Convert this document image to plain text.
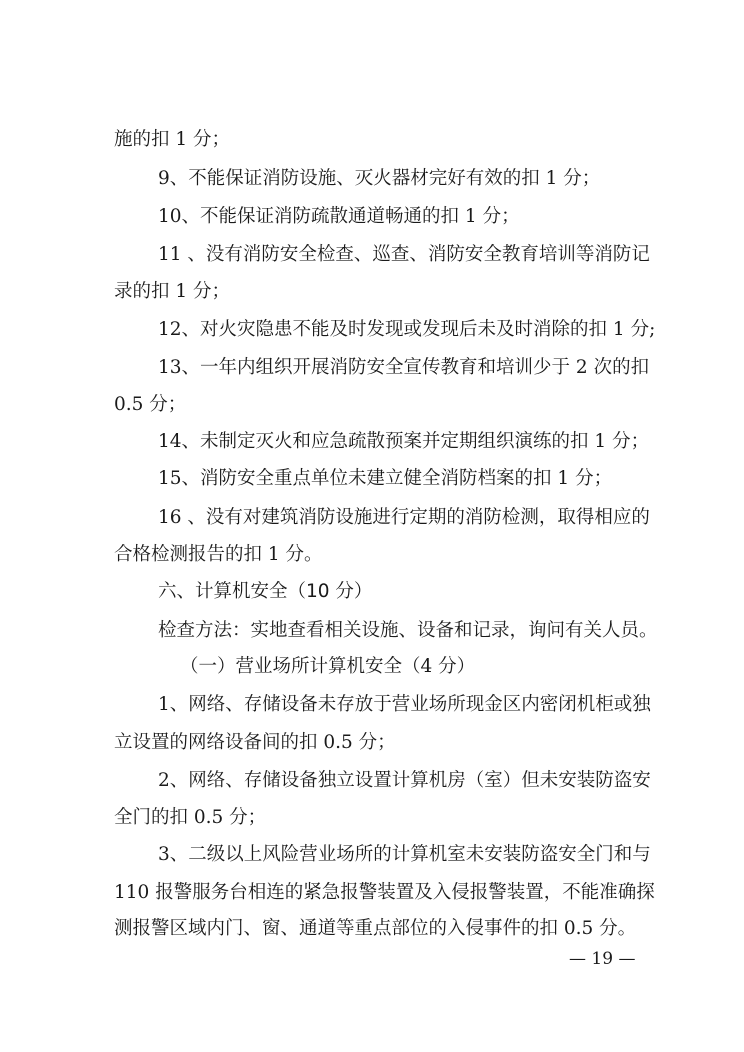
施的扣 1 分；
9、不能保证消防设施、灭火器材完好有效的扣 1 分；
10、不能保证消防疏散通道畅通的扣 1 分；
11 、没有消防安全检查、巡查、消防安全教育培训等消防记
录的扣 1 分；
12、对火灾隐患不能及时发现或发现后未及时消除的扣 1 分;
13、一年内组织开展消防安全宣传教育和培训少于 2 次的扣
0.5 分；
14、未制定灭火和应急疏散预案并定期组织演练的扣 1 分；
15、消防安全重点单位未建立健全消防档案的扣 1 分；
16 、没有对建筑消防设施进行定期的消防检测，取得相应的
合格检测报告的扣 1 分。
六、计算机安全（10 分）
检查方法：实地查看相关设施、设备和记录，询问有关人员。
（一）营业场所计算机安全（4 分）
1、网络、存储设备未存放于营业场所现金区内密闭机柜或独
立设置的网络设备间的扣 0.5 分；
2、网络、存储设备独立设置计算机房（室）但未安装防盗安
全门的扣 0.5 分；
3、二级以上风险营业场所的计算机室未安装防盗安全门和与
110 报警服务台相连的紧急报警装置及入侵报警装置，不能准确探
测报警区域内门、窗、通道等重点部位的入侵事件的扣 0.5 分。
— 19 —
